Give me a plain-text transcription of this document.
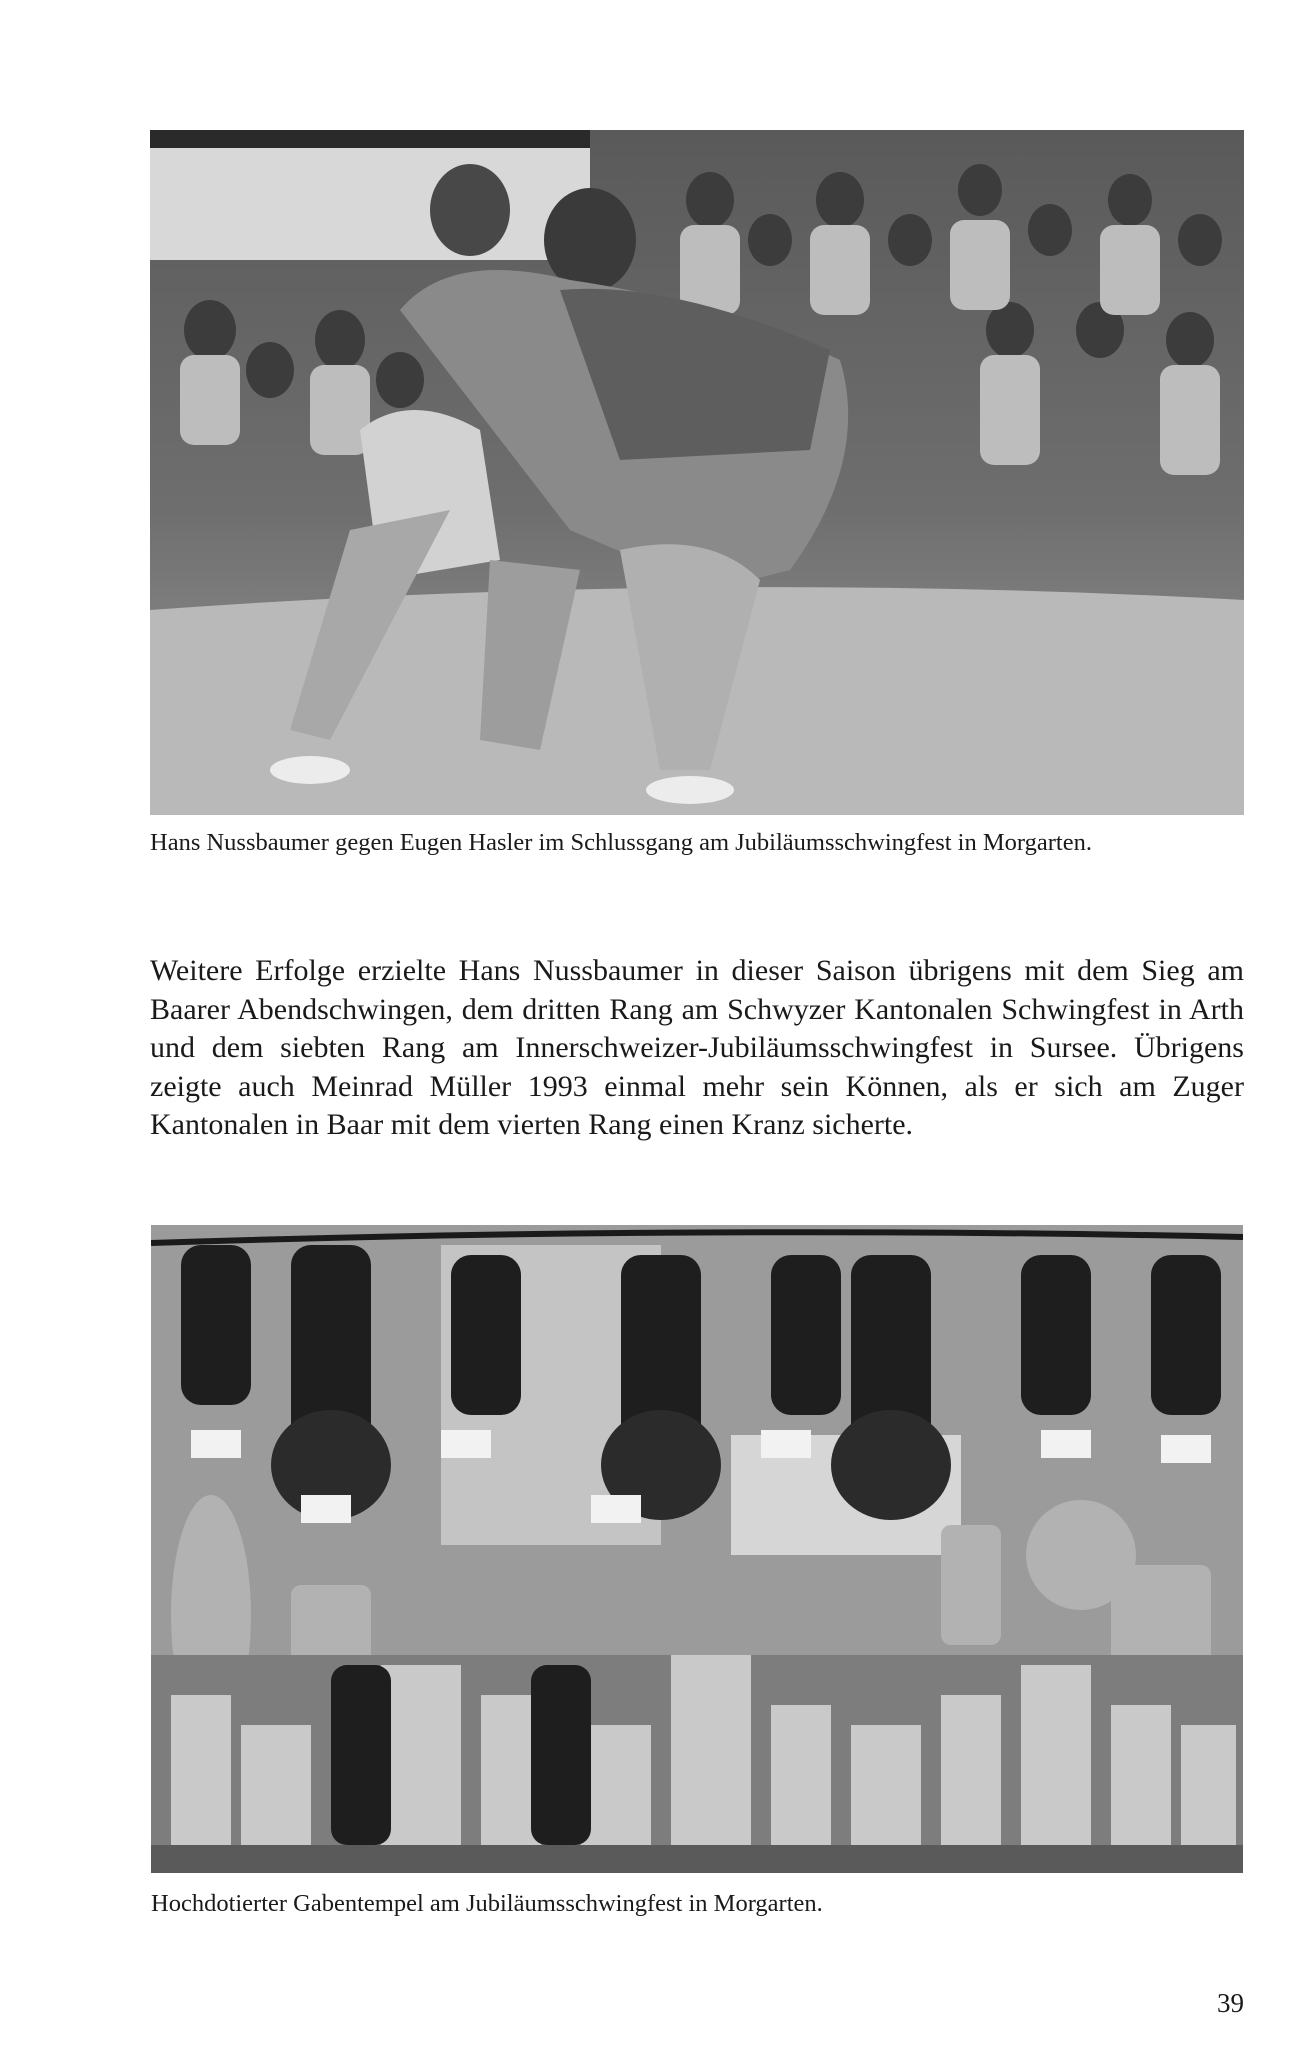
Hans Nussbaumer gegen Eugen Hasler im Schlussgang am Jubiläumsschwingfest in Morgarten.

Weitere Erfolge erzielte Hans Nussbaumer in dieser Saison übrigens mit dem Sieg am Baarer Abendschwingen, dem dritten Rang am Schwyzer Kantonalen Schwingfest in Arth und dem siebten Rang am Innerschweizer-Jubiläumsschwingfest in Sursee. Übrigens zeigte auch Meinrad Müller 1993 einmal mehr sein Können, als er sich am Zuger Kantonalen in Baar mit dem vierten Rang einen Kranz sicherte.

Hochdotierter Gabentempel am Jubiläumsschwingfest in Morgarten.

39
